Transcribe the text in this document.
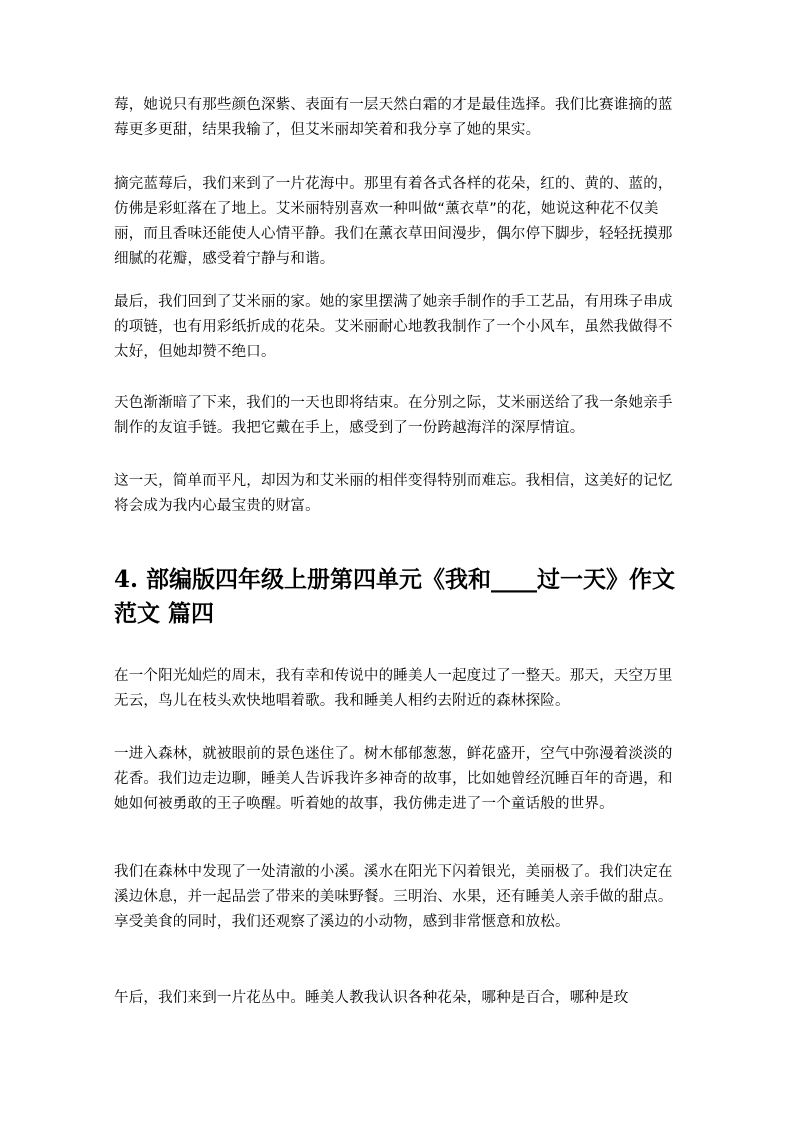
莓，她说只有那些颜色深紫、表面有一层天然白霜的才是最佳选择。我们比赛谁摘的蓝莓更多更甜，结果我输了，但艾米丽却笑着和我分享了她的果实。

摘完蓝莓后，我们来到了一片花海中。那里有着各式各样的花朵，红的、黄的、蓝的，仿佛是彩虹落在了地上。艾米丽特别喜欢一种叫做“薰衣草”的花，她说这种花不仅美丽，而且香味还能使人心情平静。我们在薰衣草田间漫步，偶尔停下脚步，轻轻抚摸那细腻的花瓣，感受着宁静与和谐。

最后，我们回到了艾米丽的家。她的家里摆满了她亲手制作的手工艺品，有用珠子串成的项链，也有用彩纸折成的花朵。艾米丽耐心地教我制作了一个小风车，虽然我做得不太好，但她却赞不绝口。

天色渐渐暗了下来，我们的一天也即将结束。在分别之际，艾米丽送给了我一条她亲手制作的友谊手链。我把它戴在手上，感受到了一份跨越海洋的深厚情谊。

这一天，简单而平凡，却因为和艾米丽的相伴变得特别而难忘。我相信，这美好的记忆将会成为我内心最宝贵的财富。

4. 部编版四年级上册第四单元《我和____过一天》作文范文 篇四

在一个阳光灿烂的周末，我有幸和传说中的睡美人一起度过了一整天。那天，天空万里无云，鸟儿在枝头欢快地唱着歌。我和睡美人相约去附近的森林探险。

一进入森林，就被眼前的景色迷住了。树木郁郁葱葱，鲜花盛开，空气中弥漫着淡淡的花香。我们边走边聊，睡美人告诉我许多神奇的故事，比如她曾经沉睡百年的奇遇，和她如何被勇敢的王子唤醒。听着她的故事，我仿佛走进了一个童话般的世界。

我们在森林中发现了一处清澈的小溪。溪水在阳光下闪着银光，美丽极了。我们决定在溪边休息，并一起品尝了带来的美味野餐。三明治、水果，还有睡美人亲手做的甜点。享受美食的同时，我们还观察了溪边的小动物，感到非常惬意和放松。

午后，我们来到一片花丛中。睡美人教我认识各种花朵，哪种是百合，哪种是玫
